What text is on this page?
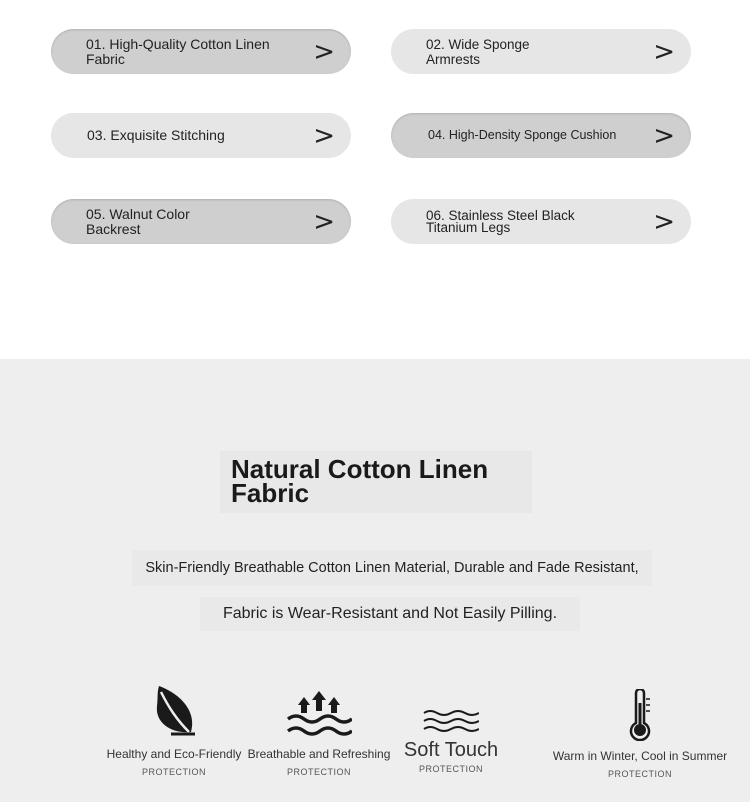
01. High-Quality Cotton Linen Fabric	>	02. Wide Sponge Armrests	>
03. Exquisite Stitching	>	04. High-Density Sponge Cushion >
05. Walnut Color Backrest	>	06. Stainless Steel Black Titanium Legs	>
Natural Cotton Linen Fabric
Skin-Friendly Breathable Cotton Linen Material, Durable and Fade Resistant,
Fabric is Wear-Resistant and Not Easily Pilling.
Healthy and Eco-Friendly
PROTECTION
Breathable and Refreshing
PROTECTION
Soft Touch
PROTECTION
Warm in Winter, Cool in Summer
PROTECTION
